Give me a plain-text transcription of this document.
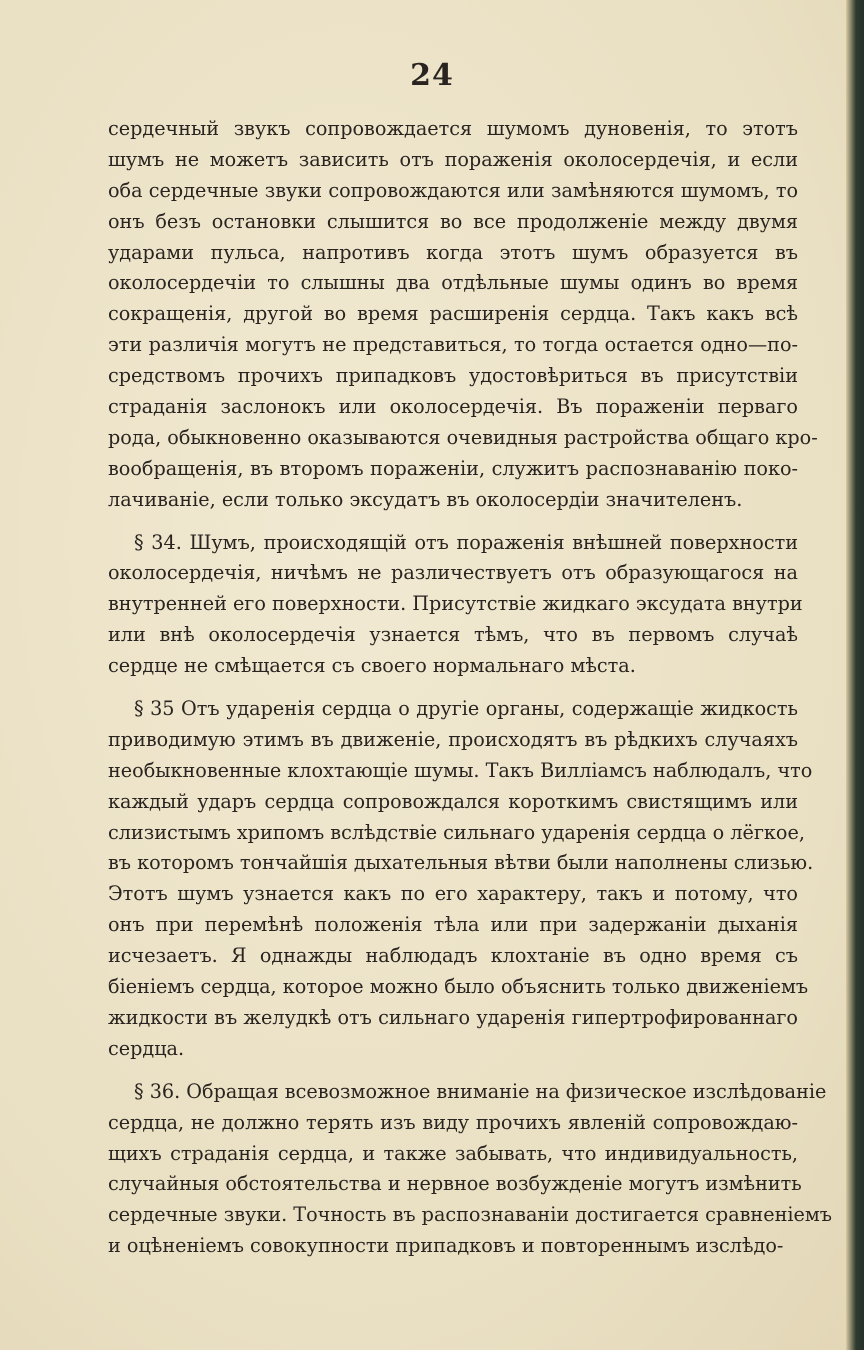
24
сердечный звукъ сопровождается шумомъ дуновенія, то этотъ
шумъ не можетъ зависить отъ пораженія околосердечія, и если
оба сердечные звуки сопровождаются или замѣняются шумомъ, то
онъ безъ остановки слышится во все продолженіе между двумя
ударами пульса, напротивъ когда этотъ шумъ образуется въ
околосердечіи то слышны два отдѣльные шумы одинъ во время
сокращенія, другой во время расширенія сердца. Такъ какъ всѣ
эти различія могутъ не представиться, то тогда остается одно—по-
средствомъ прочихъ припадковъ удостовѣриться въ присутствіи
страданія заслонокъ или околосердечія. Въ пораженіи перваго
рода, обыкновенно оказываются очевидныя растройства общаго кро-
вообращенія, въ второмъ пораженіи, служитъ распознаванію поко-
лачиваніе, если только эксудатъ въ околосердіи значителенъ.
§ 34. Шумъ, происходящій отъ пораженія внѣшней поверхности
околосердечія, ничѣмъ не различествуетъ отъ образующагося на
внутренней его поверхности. Присутствіе жидкаго эксудата внутри
или внѣ околосердечія узнается тѣмъ, что въ первомъ случаѣ
сердце не смѣщается съ своего нормальнаго мѣста.
§ 35 Отъ ударенія сердца о другіе органы, содержащіе жидкость
приводимую этимъ въ движеніе, происходятъ въ рѣдкихъ случаяхъ
необыкновенные клохтающіе шумы. Такъ Вилліамсъ наблюдалъ, что
каждый ударъ сердца сопровождался короткимъ свистящимъ или
слизистымъ хрипомъ вслѣдствіе сильнаго ударенія сердца о лёгкое,
въ которомъ тончайшія дыхательныя вѣтви были наполнены слизью.
Этотъ шумъ узнается какъ по его характеру, такъ и потому, что
онъ при перемѣнѣ положенія тѣла или при задержаніи дыханія
исчезаетъ. Я однажды наблюдадъ клохтаніе въ одно время съ
біеніемъ сердца, которое можно было объяснить только движеніемъ
жидкости въ желудкѣ отъ сильнаго ударенія гипертрофированнаго
сердца.
§ 36. Обращая всевозможное вниманіе на физическое изслѣдованіе
сердца, не должно терять изъ виду прочихъ явленій сопровождаю-
щихъ страданія сердца, и также забывать, что индивидуальность,
случайныя обстоятельства и нервное возбужденіе могутъ измѣнить
сердечные звуки. Точность въ распознаваніи достигается сравненіемъ
и оцѣненіемъ совокупности припадковъ и повтореннымъ изслѣдо-
